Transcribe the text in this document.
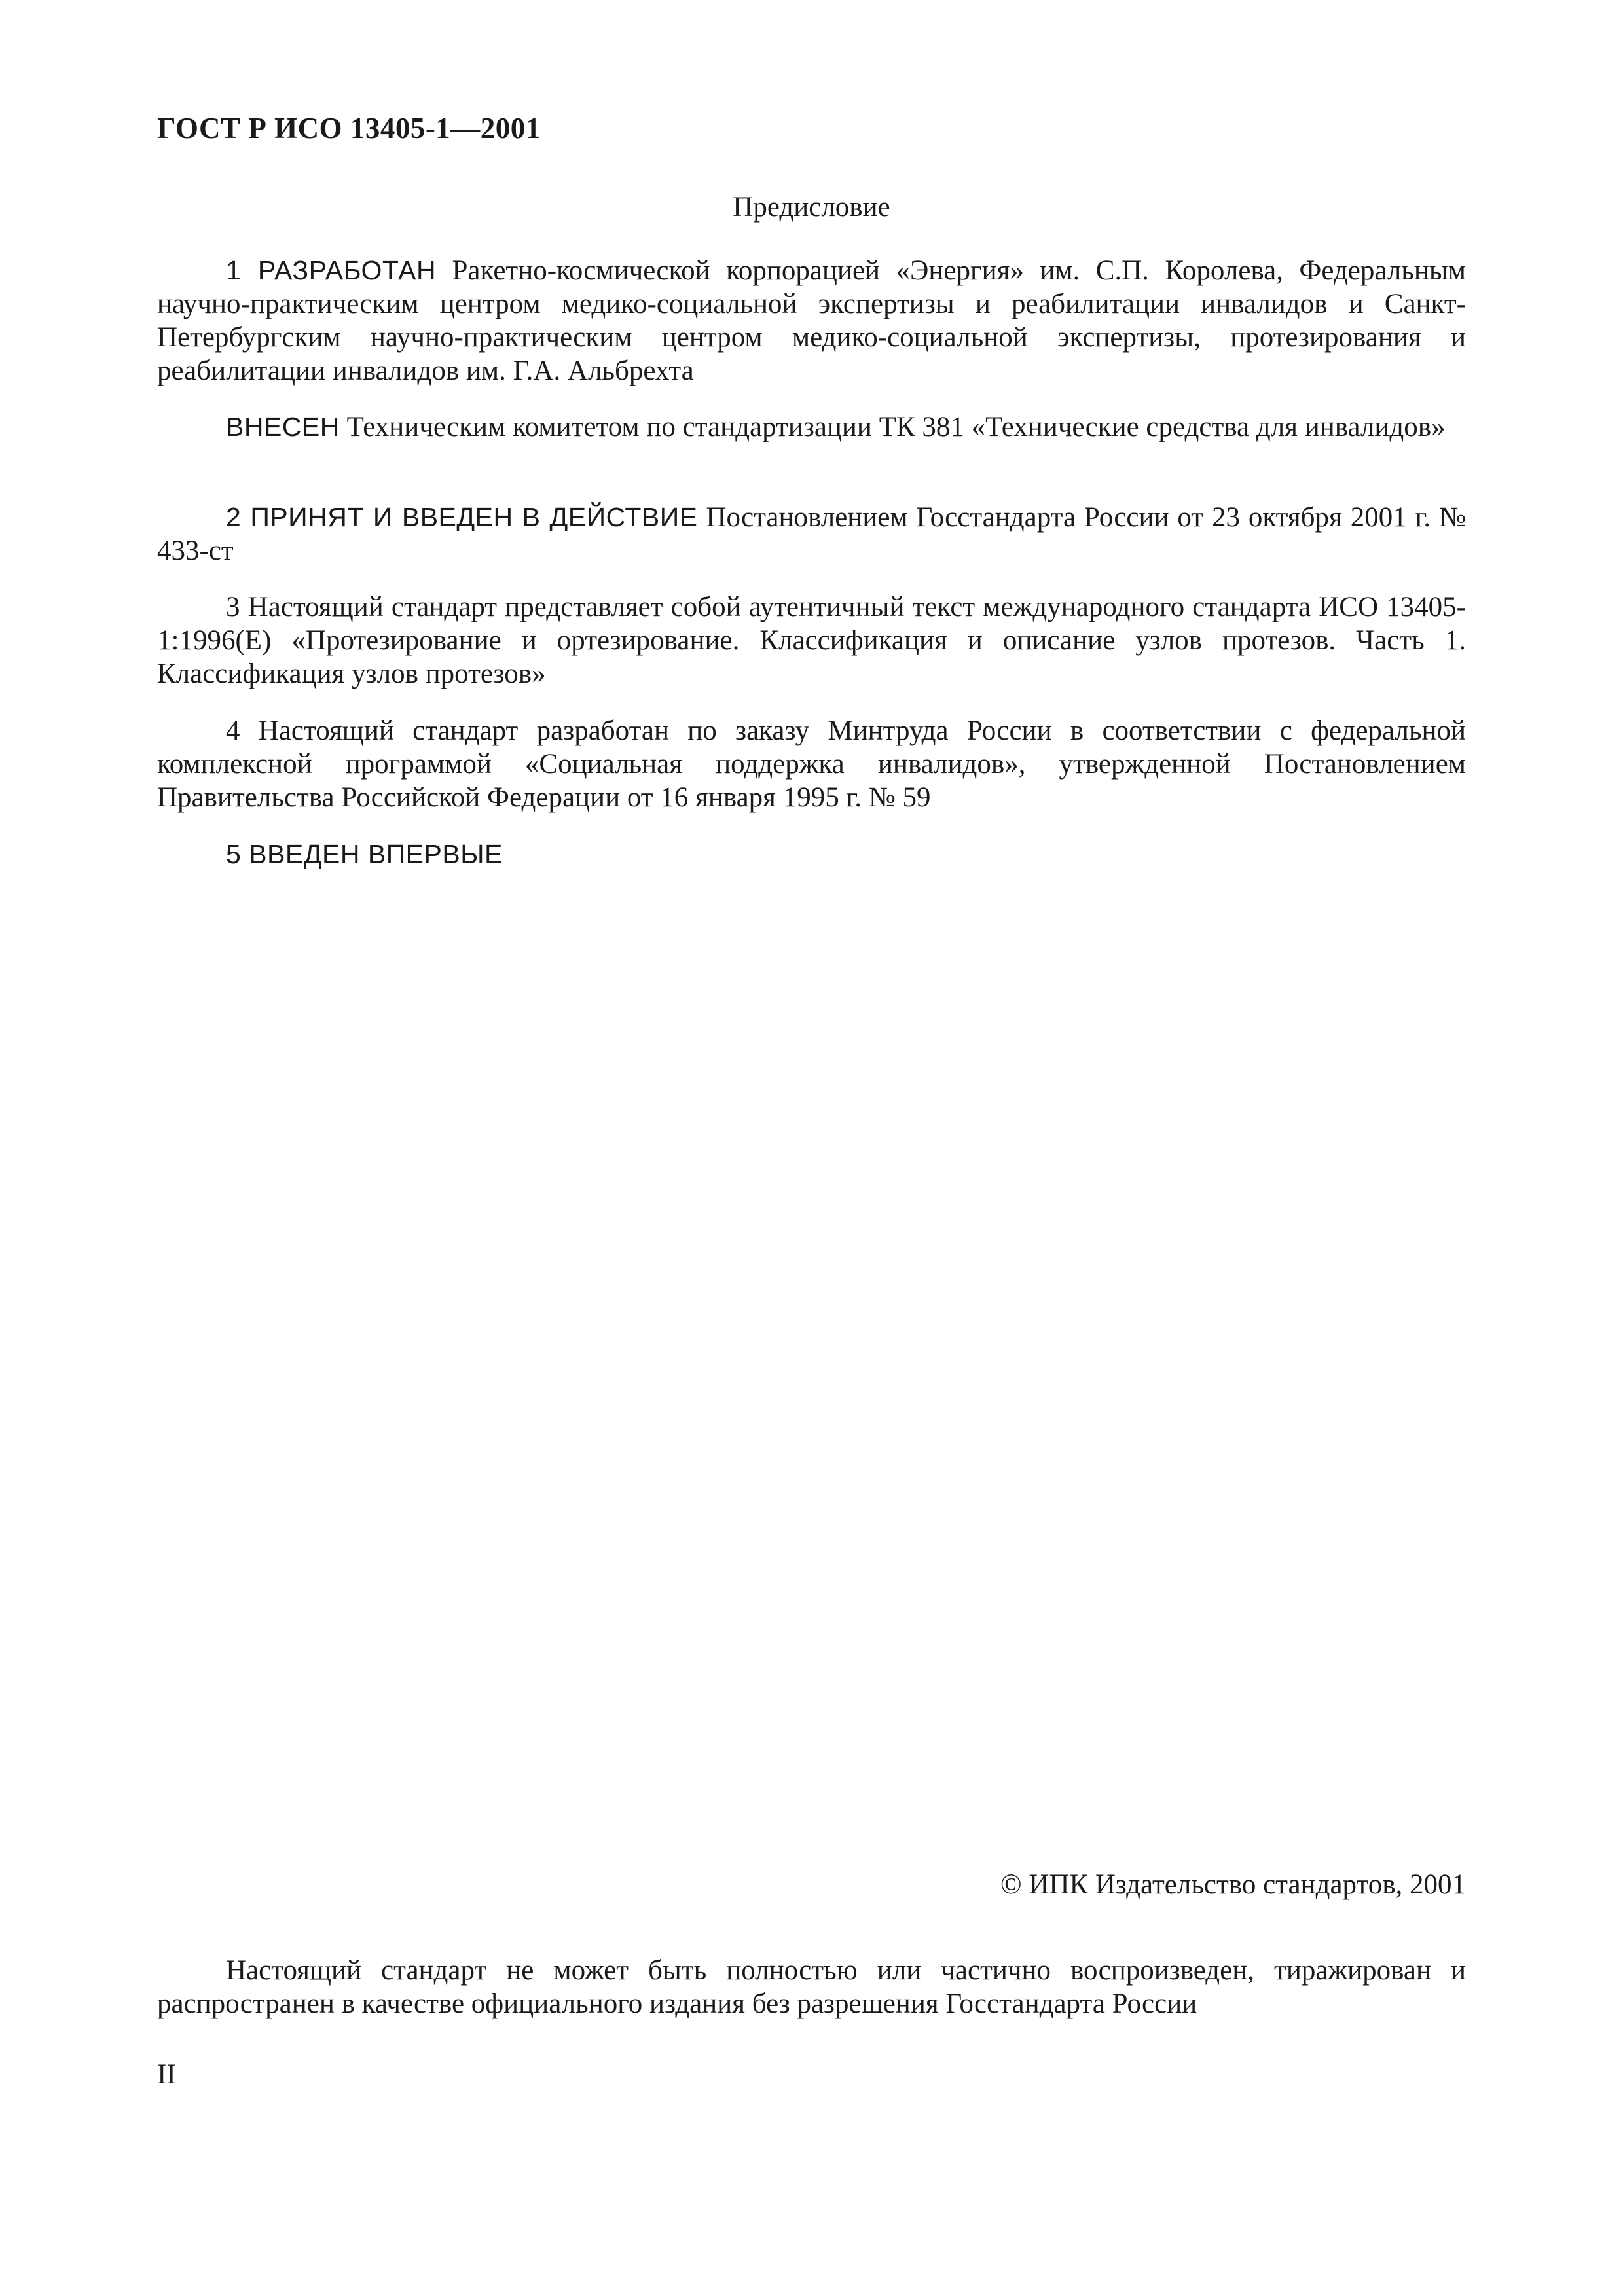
ГОСТ Р ИСО 13405-1—2001
Предисловие

1 РАЗРАБОТАН Ракетно-космической корпорацией «Энергия» им. С.П. Королева, Федеральным научно-практическим центром медико-социальной экспертизы и реабилитации инвалидов и Санкт-Петербургским научно-практическим центром медико-социальной экспертизы, протезирования и реабилитации инвалидов им. Г.А. Альбрехта

ВНЕСЕН Техническим комитетом по стандартизации ТК 381 «Технические средства для инвалидов»

2 ПРИНЯТ И ВВЕДЕН В ДЕЙСТВИЕ Постановлением Госстандарта России от 23 октября 2001 г. № 433-ст

3 Настоящий стандарт представляет собой аутентичный текст международного стандарта ИСО 13405-1:1996(Е) «Протезирование и ортезирование. Классификация и описание узлов протезов. Часть 1. Классификация узлов протезов»

4 Настоящий стандарт разработан по заказу Минтруда России в соответствии с федеральной комплексной программой «Социальная поддержка инвалидов», утвержденной Постановлением Правительства Российской Федерации от 16 января 1995 г. № 59

5 ВВЕДЕН ВПЕРВЫЕ

© ИПК Издательство стандартов, 2001

Настоящий стандарт не может быть полностью или частично воспроизведен, тиражирован и распространен в качестве официального издания без разрешения Госстандарта России

II
